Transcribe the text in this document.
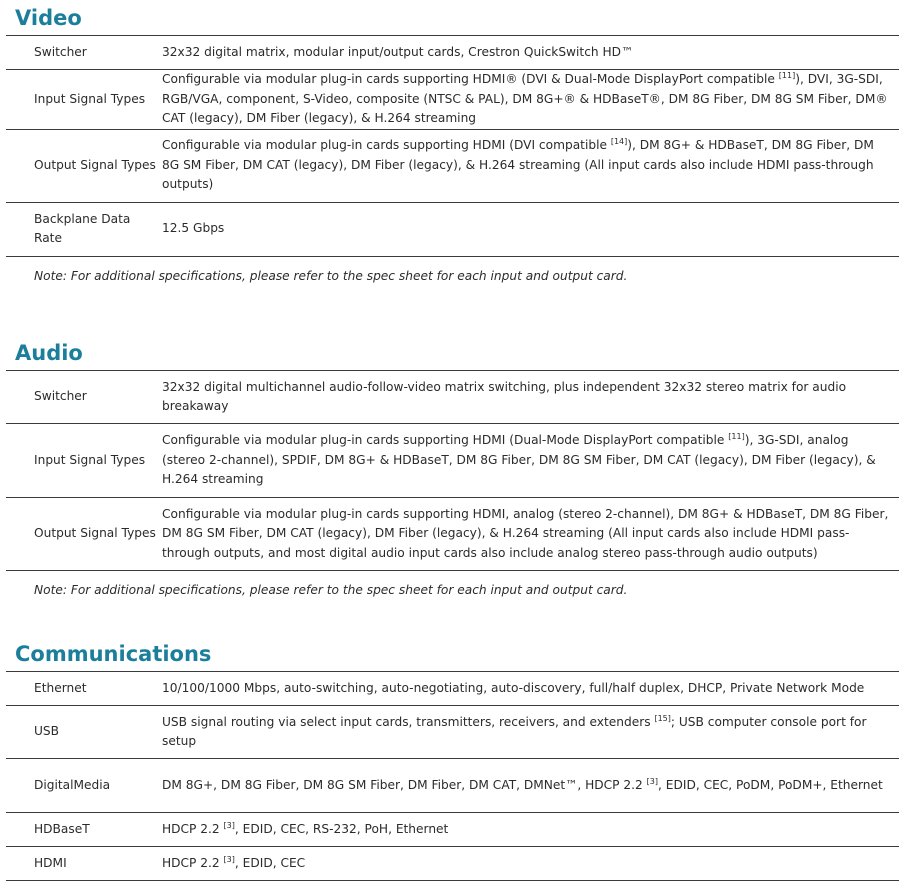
Video
Switcher	32x32 digital matrix, modular input/output cards, Crestron QuickSwitch HD™
Input Signal Types	Configurable via modular plug-in cards supporting HDMI® (DVI & Dual-Mode DisplayPort compatible [11]), DVI, 3G-SDI, RGB/VGA, component, S-Video, composite (NTSC & PAL), DM 8G+® & HDBaseT®, DM 8G Fiber, DM 8G SM Fiber, DM® CAT (legacy), DM Fiber (legacy), & H.264 streaming
Output Signal Types	Configurable via modular plug-in cards supporting HDMI (DVI compatible [14]), DM 8G+ & HDBaseT, DM 8G Fiber, DM 8G SM Fiber, DM CAT (legacy), DM Fiber (legacy), & H.264 streaming (All input cards also include HDMI pass-through outputs)
Backplane Data Rate	12.5 Gbps
Note: For additional specifications, please refer to the spec sheet for each input and output card.
Audio
Switcher	32x32 digital multichannel audio-follow-video matrix switching, plus independent 32x32 stereo matrix for audio breakaway
Input Signal Types	Configurable via modular plug-in cards supporting HDMI (Dual-Mode DisplayPort compatible [11]), 3G-SDI, analog (stereo 2-channel), SPDIF, DM 8G+ & HDBaseT, DM 8G Fiber, DM 8G SM Fiber, DM CAT (legacy), DM Fiber (legacy), & H.264 streaming
Output Signal Types	Configurable via modular plug-in cards supporting HDMI, analog (stereo 2-channel), DM 8G+ & HDBaseT, DM 8G Fiber, DM 8G SM Fiber, DM CAT (legacy), DM Fiber (legacy), & H.264 streaming (All input cards also include HDMI pass-through outputs, and most digital audio input cards also include analog stereo pass-through audio outputs)
Note: For additional specifications, please refer to the spec sheet for each input and output card.
Communications
Ethernet	10/100/1000 Mbps, auto-switching, auto-negotiating, auto-discovery, full/half duplex, DHCP, Private Network Mode
USB	USB signal routing via select input cards, transmitters, receivers, and extenders [15]; USB computer console port for setup
DigitalMedia	DM 8G+, DM 8G Fiber, DM 8G SM Fiber, DM Fiber, DM CAT, DMNet™, HDCP 2.2 [3], EDID, CEC, PoDM, PoDM+, Ethernet
HDBaseT	HDCP 2.2 [3], EDID, CEC, RS-232, PoH, Ethernet
HDMI	HDCP 2.2 [3], EDID, CEC
